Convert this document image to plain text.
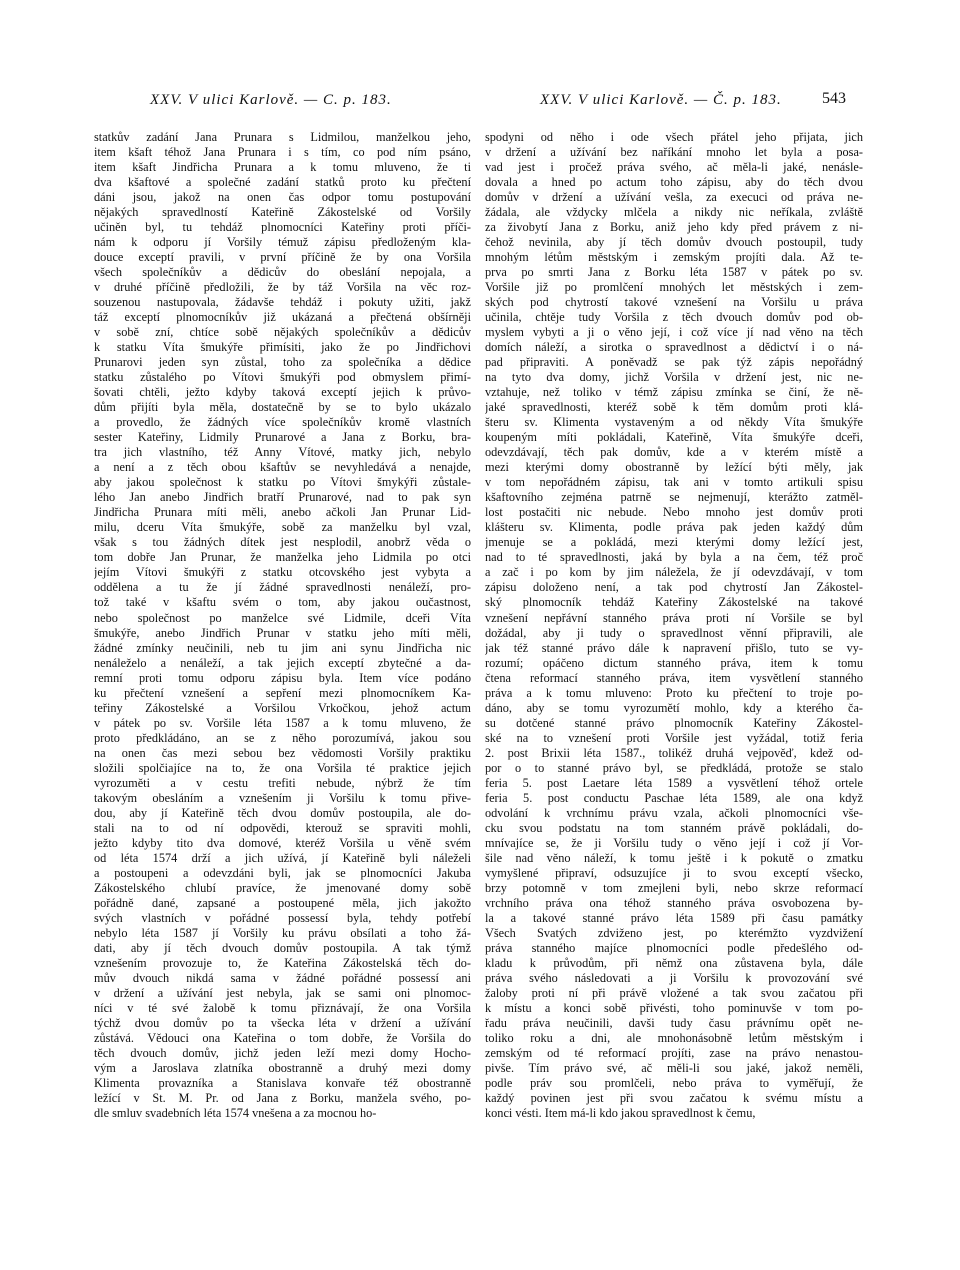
XXV. V ulici Karlově. — C. p. 183.	XXV. V ulici Karlově. — Č. p. 183.	543
statkův zadání Jana Prunara s Lidmilou, manželkou jeho,
item kšaft téhož Jana Prunara i s tím, co pod ním psáno,
item kšaft Jindřicha Prunara a k tomu mluveno, že ti
dva kšaftové a společné zadání statků proto ku přečtení
dáni jsou, jakož na onen čas odpor tomu postupování
nějakých spravedlností Kateřině Zákostelské od Voršily
učiněn byl, tu tehdáž plnomocníci Kateřiny proti příči-
nám k odporu jí Voršily témuž zápisu předloženým kla-
douce exceptí pravili, v první příčině že by ona Voršila
všech společníkův a dědicův do obeslání nepojala, a
v druhé příčině předložili, že by táž Voršila na věc roz-
souzenou nastupovala, žádavše tehdáž i pokuty užiti, jakž
táž exceptí plnomocníkův již ukázaná a přečtená obšírněji
v sobě zní, chtíce sobě nějakých společníkův a dědicův
k statku Víta šmukýře přimísiti, jako že po Jindřichovi
Prunarovi jeden syn zůstal, toho za společníka a dědice
statku zůstalého po Vítovi šmukýři pod obmyslem přimí-
šovati chtěli, ježto kdyby taková exceptí jejich k průvo-
dům přijíti byla měla, dostatečně by se to bylo ukázalo
a provedlo, že žádných více společníkův kromě vlastních
sester Kateřiny, Lidmily Prunarové a Jana z Borku, bra-
tra jich vlastního, též Anny Vítové, matky jich, nebylo
a není a z těch obou kšaftův se nevyhledává a nenajde,
aby jakou společnost k statku po Vítovi šmykýři zůstale-
lého Jan anebo Jindřich bratří Prunarové, nad to pak syn
Jindřicha Prunara míti měli, anebo ačkoli Jan Prunar Lid-
milu, dceru Víta šmukýře, sobě za manželku byl vzal,
však s tou žádných dítek jest nesplodil, anobrž věda o
tom dobře Jan Prunar, že manželka jeho Lidmila po otci
jejím Vítovi šmukýři z statku otcovského jest vybyta a
oddělena a tu že jí žádné spravedlnosti nenáleží, pro-
tož také v kšaftu svém o tom, aby jakou oučastnost,
nebo společnost po manželce své Lidmile, dceři Víta
šmukýře, anebo Jindřich Prunar v statku jeho míti měli,
žádné zmínky neučinili, neb tu jim ani synu Jindřicha nic
nenáleželo a nenáleží, a tak jejich exceptí zbytečné a da-
remní proti tomu odporu zápisu byla. Item více podáno
ku přečtení vznešení a sepření mezi plnomocníkem Ka-
teřiny Zákostelské a Voršilou Vrkočkou, jehož actum
v pátek po sv. Voršile léta 1587 a k tomu mluveno, že
proto předkládáno, an se z něho porozumívá, jakou sou
na onen čas mezi sebou bez vědomosti Voršily praktiku
složili spolčiajíce na to, že ona Voršila té praktice jejich
vyrozuměti a v cestu trefiti nebude, nýbrž že tím
takovým obesláním a vznešením ji Voršilu k tomu přive-
dou, aby jí Kateřině těch dvou domův postoupila, ale do-
stali na to od ní odpovědi, kterouž se spraviti mohli,
ježto kdyby tito dva domové, kteréž Voršila u věně svém
od léta 1574 drží a jich užívá, jí Kateřině byli náleželi
a postoupeni a odevzdáni byli, jak se plnomocníci Jakuba
Zákostelského chlubí pravíce, že jmenované domy sobě
pořádně dané, zapsané a postoupené měla, jich jakožto
svých vlastních v pořádné possessí byla, tehdy potřebí
nebylo léta 1587 jí Voršily ku právu obsílati a toho žá-
dati, aby jí těch dvouch domův postoupila. A tak týmž
vznešením provozuje to, že Kateřina Zákostelská těch do-
mův dvouch nikdá sama v žádné pořádné possessí ani
v držení a užívání jest nebyla, jak se sami oni plnomoc-
níci v té své žalobě k tomu přiznávají, že ona Voršila
týchž dvou domův po ta všecka léta v držení a užívání
zůstává. Vědouci ona Kateřina o tom dobře, že Voršila do
těch dvouch domův, jichž jeden leží mezi domy Hocho-
vým a Jaroslava zlatníka obostranně a druhý mezi domy
Klimenta provazníka a Stanislava konvaře též obostranně
ležící v St. M. Pr. od Jana z Borku, manžela svého, po-
dle smluv svadebních léta 1574 vnešena a za mocnou ho-
spodyni od něho i ode všech přátel jeho přijata, jich
v držení a užívání bez naříkání mnoho let byla a posa-
vad jest i pročež práva svého, ač měla-li jaké, nenásle-
dovala a hned po actum toho zápisu, aby do těch dvou
domův v držení a užívání vešla, za execuci od práva ne-
žádala, ale vždycky mlčela a nikdy nic neříkala, zvláště
za živobytí Jana z Borku, aniž jeho kdy před právem z ni-
čehož nevinila, aby jí těch domův dvouch postoupil, tudy
mnohým létům městským i zemským projíti dala. Až te-
prva po smrti Jana z Borku léta 1587 v pátek po sv.
Voršile již po promlčení mnohých let městských i zem-
ských pod chytrostí takové vznešení na Voršilu u práva
učinila, chtěje tudy Voršila z těch dvouch domův pod ob-
myslem vybyti a ji o věno její, i což více jí nad věno na těch
domích náleží, a sirotka o spravedlnost a dědictví i o ná-
pad připraviti. A poněvadž se pak týž zápis nepořádný
na tyto dva domy, jichž Voršila v držení jest, nic ne-
vztahuje, než toliko v témž zápisu zmínka se činí, že ně-
jaké spravedlnosti, kteréž sobě k těm domům proti klá-
šteru sv. Klimenta vystaveným a od někdy Víta šmukýře
koupeným míti pokládali, Kateřině, Víta šmukýře dceři,
odevzdávají, těch pak domův, kde a v kterém místě a
mezi kterými domy obostranně by ležící býti měly, jak
v tom nepořádném zápisu, tak ani v tomto artikuli spisu
kšaftovního zejména patrně se nejmenují, kterážto zatměl-
lost postačiti nic nebude. Nebo mnoho jest domův proti
klášteru sv. Klimenta, podle práva pak jeden každý dům
jmenuje se a pokládá, mezi kterými domy ležící jest,
nad to té spravedlnosti, jaká by byla a na čem, též proč
a zač i po kom by jim náležela, že jí odevzdávají, v tom
zápisu doloženo není, a tak pod chytrostí Jan Zákostel-
ský plnomocník tehdáž Kateřiny Zákostelské na takové
vznešení nepřávní stanného práva proti ní Voršile se byl
dožádal, aby ji tudy o spravedlnost věnní připravili, ale
jak též stanné právo dále k napravení přišlo, tuto se vy-
rozumí; opáčeno dictum stanného práva, item k tomu
čtena reformací stanného práva, item vysvětlení stanného
práva a k tomu mluveno: Proto ku přečtení to troje po-
dáno, aby se tomu vyrozumětí mohlo, kdy a kterého ča-
su dotčené stanné právo plnomocník Kateřiny Zákostel-
ské na to vznešení proti Voršile jest vyžádal, totiž feria
2. post Brixii léta 1587., tolikéž druhá vejpověď, kdež od-
por o to stanné právo byl, se předkládá, protože se stalo
feria 5. post Laetare léta 1589 a vysvětlení téhož ortele
feria 5. post conductu Paschae léta 1589, ale ona když
odvolání k vrchnímu právu vzala, ačkoli plnomocníci vše-
cku svou podstatu na tom stanném právě pokládali, do-
mnívajíce se, že ji Voršilu tudy o věno její i což jí Vor-
šile nad věno náleží, k tomu ještě i k pokutě o zmatku
vymyšlené připraví, odsuzujíce ji to svou exceptí všecko,
brzy potomně v tom zmejleni byli, nebo skrze reformací
vrchního práva ona téhož stanného práva osvobozena by-
la a takové stanné právo léta 1589 při času památky
Všech Svatých zdviženo jest, po kterémžto vyzdvižení
práva stanného majíce plnomocníci podle předešlého od-
kladu k průvodům, při němž ona zůstavena byla, dále
práva svého následovati a ji Voršilu k provozování své
žaloby proti ní při právě vložené a tak svou začatou při
k místu a konci sobě přivésti, toho pominuvše v tom po-
řadu práva neučinili, davši tudy času právnímu opět ne-
toliko roku a dni, ale mnohonásobně letům městským i
zemským od té reformací projíti, zase na právo nenastou-
pivše. Tím právo své, ač měli-li sou jaké, jakož neměli,
podle práv sou promlčeli, nebo práva to vyměřují, že
každý povinen jest při svou začatou k svému místu a
konci vésti. Item má-li kdo jakou spravedlnost k čemu,
